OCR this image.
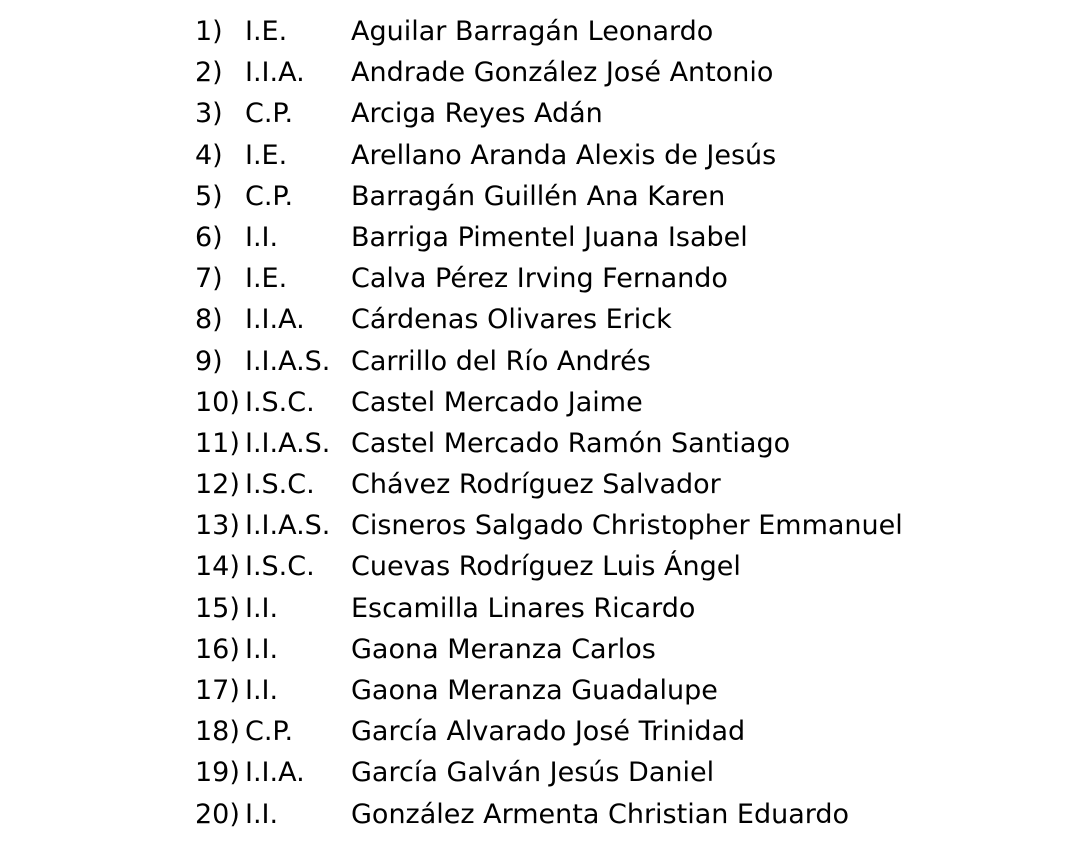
1) I.E. Aguilar Barragán Leonardo
2) I.I.A. Andrade González José Antonio
3) C.P. Arciga Reyes Adán
4) I.E. Arellano Aranda Alexis de Jesús
5) C.P. Barragán Guillén Ana Karen
6) I.I.	Barriga Pimentel Juana Isabel
7) I.E. Calva Pérez Irving Fernando
8) I.I.A. Cárdenas Olivares Erick
9) I.I.A.S. Carrillo del Río Andrés
10) I.S.C. Castel Mercado Jaime
11) I.I.A.S. Castel Mercado Ramón Santiago
12) I.S.C. Chávez Rodríguez Salvador
13) I.I.A.S. Cisneros Salgado Christopher Emmanuel
14) I.S.C. Cuevas Rodríguez Luis Ángel
15) I.I.	Escamilla Linares Ricardo
16) I.I.	Gaona Meranza Carlos
17) I.I.	Gaona Meranza Guadalupe
18) C.P. García Alvarado José Trinidad
19) I.I.A. García Galván Jesús Daniel
20) I.I.	González Armenta Christian Eduardo
